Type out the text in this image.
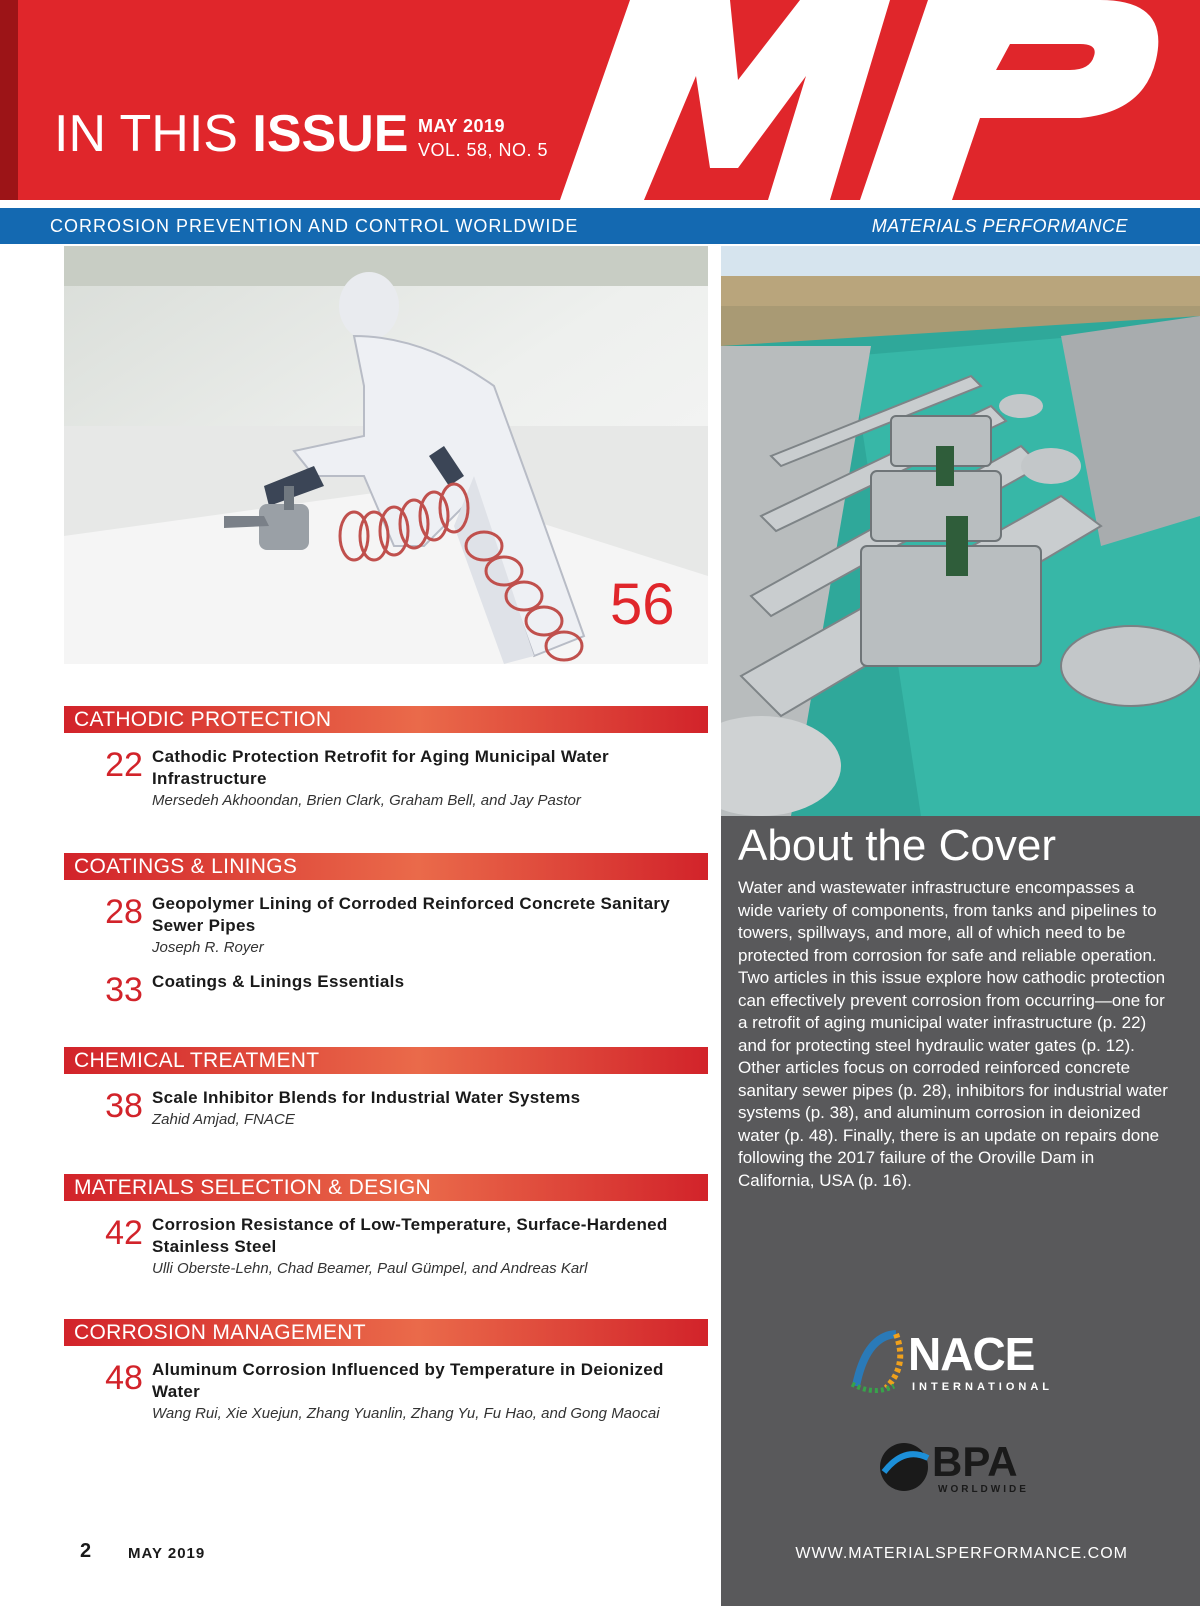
IN THIS ISSUE MAY 2019
VOL. 58, NO. 5
CORROSION PREVENTION AND CONTROL WORLDWIDE	MATERIALS PERFORMANCE
56
About the Cover
Water and wastewater infrastructure encompasses a wide variety of components, from tanks and pipelines to towers, spillways, and more, all of which need to be protected from corrosion for safe and reliable operation. Two articles in this issue explore how cathodic protection can effectively prevent corrosion from occurring—one for a retrofit of aging municipal water infrastructure (p. 22) and for protecting steel hydraulic water gates (p. 12). Other articles focus on corroded reinforced concrete sanitary sewer pipes (p. 28), inhibitors for industrial water systems (p. 38), and aluminum corrosion in deionized water (p. 48). Finally, there is an update on repairs done following the 2017 failure of the Oroville Dam in California, USA (p. 16).
NACE
INTERNATIONAL
BPA
WORLDWIDE
WWW.MATERIALSPERFORMANCE.COM
CATHODIC PROTECTION
22 Cathodic Protection Retrofit for Aging Municipal Water Infrastructure
Mersedeh Akhoondan, Brien Clark, Graham Bell, and Jay Pastor
COATINGS & LININGS
28 Geopolymer Lining of Corroded Reinforced Concrete Sanitary Sewer Pipes
Joseph R. Royer
33 Coatings & Linings Essentials
CHEMICAL TREATMENT
38 Scale Inhibitor Blends for Industrial Water Systems
Zahid Amjad, FNACE
MATERIALS SELECTION & DESIGN
42 Corrosion Resistance of Low-Temperature, Surface-Hardened Stainless Steel
Ulli Oberste-Lehn, Chad Beamer, Paul Gümpel, and Andreas Karl
CORROSION MANAGEMENT
48 Aluminum Corrosion Influenced by Temperature in Deionized Water
Wang Rui, Xie Xuejun, Zhang Yuanlin, Zhang Yu, Fu Hao, and Gong Maocai
2 MAY 2019
